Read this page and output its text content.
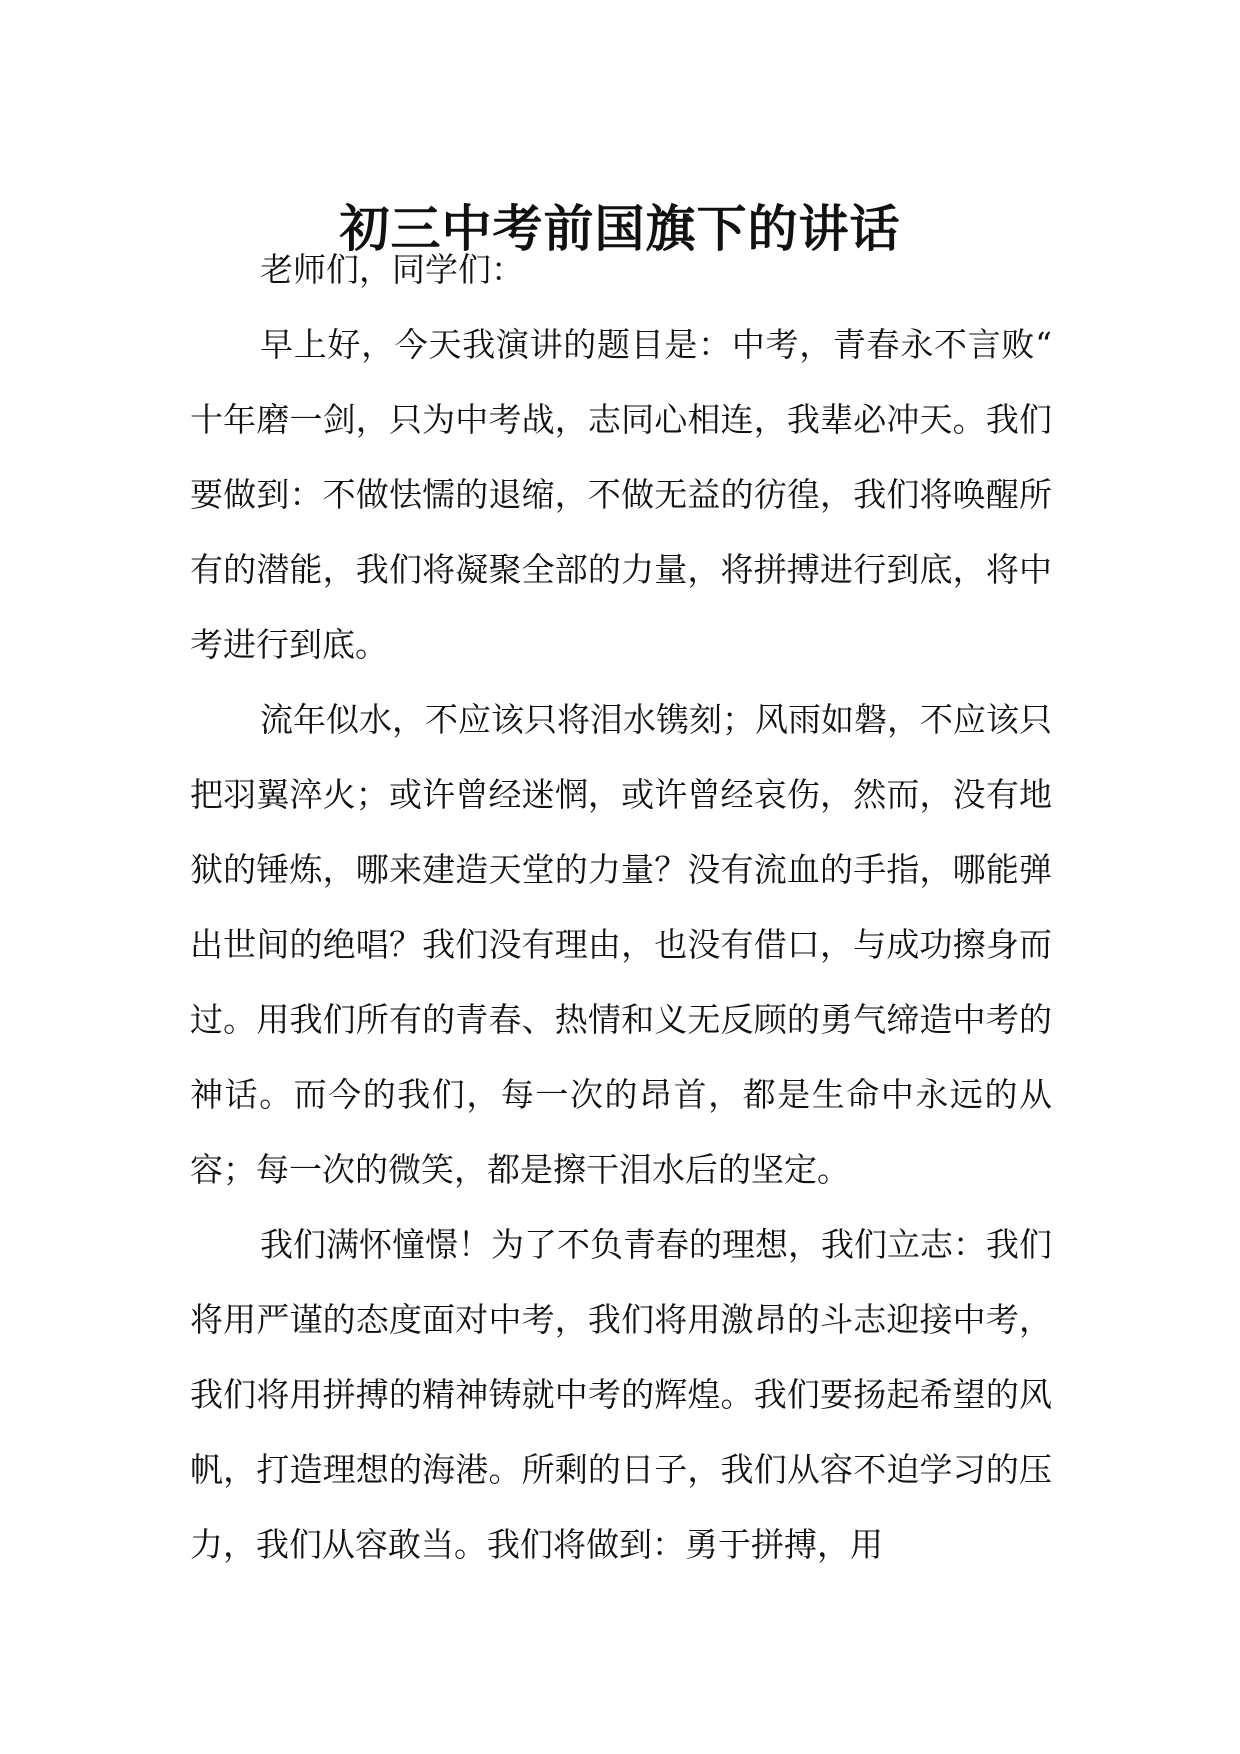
初三中考前国旗下的讲话

老师们，同学们：

早上好，今天我演讲的题目是：中考，青春永不言败“ 十年磨一剑，只为中考战，志同心相连，我辈必冲天。我们要做到：不做怯懦的退缩，不做无益的彷徨，我们将唤醒所有的潜能，我们将凝聚全部的力量，将拼搏进行到底，将中考进行到底。

流年似水，不应该只将泪水镌刻；风雨如磐，不应该只把羽翼淬火；或许曾经迷惘，或许曾经哀伤，然而，没有地狱的锤炼，哪来建造天堂的力量？没有流血的手指，哪能弹出世间的绝唱？我们没有理由，也没有借口，与成功擦身而过。用我们所有的青春、热情和义无反顾的勇气缔造中考的神话。而今的我们，每一次的昂首，都是生命中永远的从容；每一次的微笑，都是擦干泪水后的坚定。

我们满怀憧憬！为了不负青春的理想，我们立志：我们将用严谨的态度面对中考，我们将用激昂的斗志迎接中考，我们将用拼搏的精神铸就中考的辉煌。我们要扬起希望的风帆，打造理想的海港。所剩的日子，我们从容不迫学习的压力，我们从容敢当。我们将做到：勇于拼搏，用
